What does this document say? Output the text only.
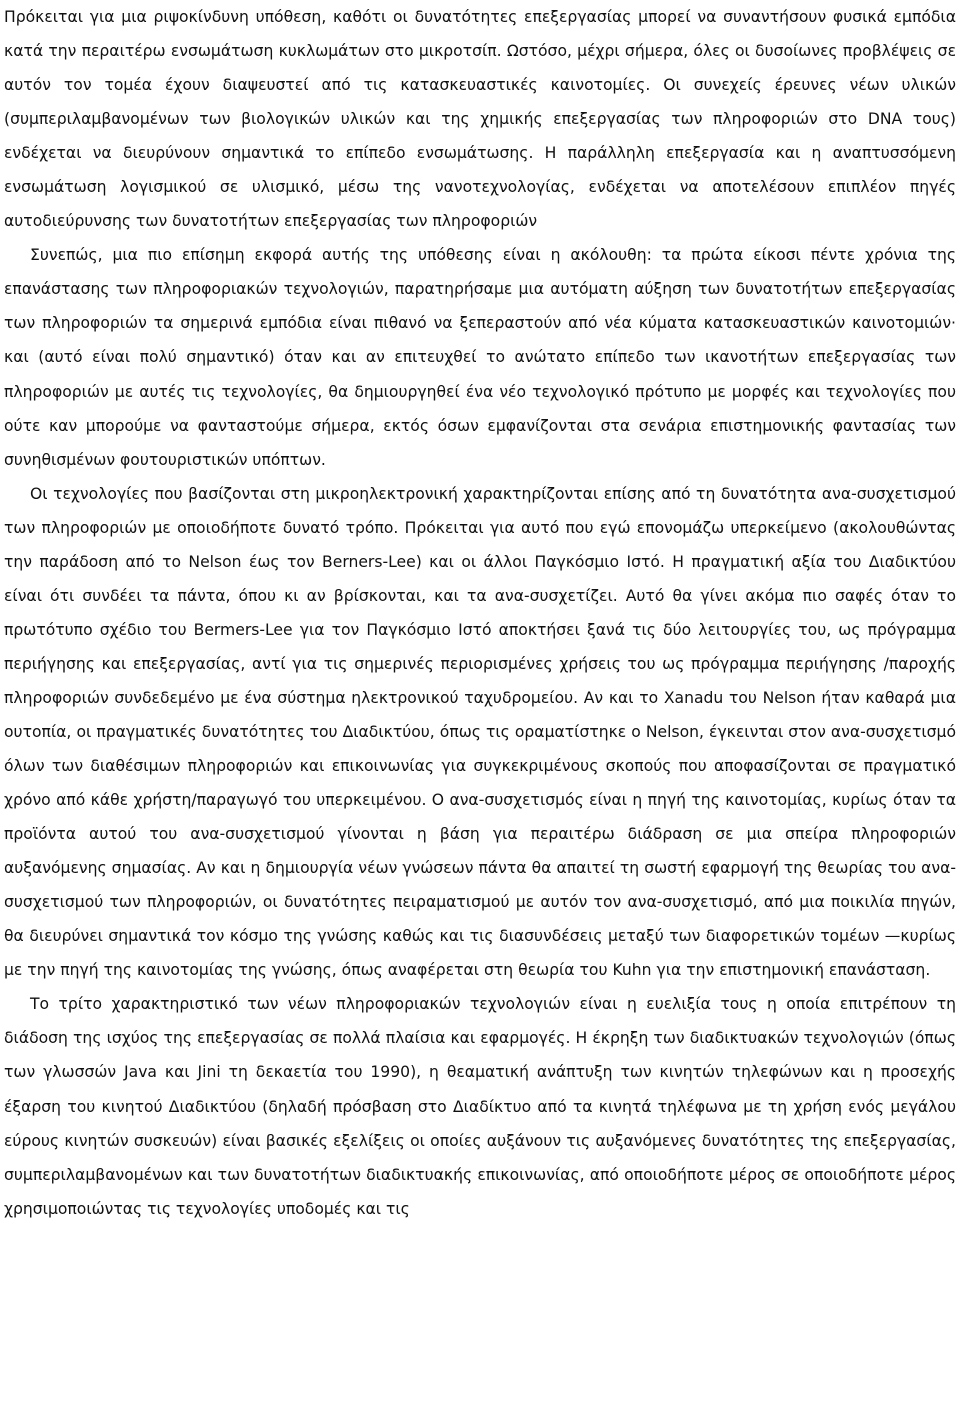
Πρόκειται για μια ριψοκίνδυνη υπόθεση, καθότι οι δυνατότητες επεξεργασίας μπορεί να συναντήσουν φυσικά εμπόδια κατά την περαιτέρω ενσωμάτωση κυκλωμάτων στο μικροτσίπ. Ωστόσο, μέχρι σήμερα, όλες οι δυσοίωνες προβλέψεις σε αυτόν τον τομέα έχουν διαψευστεί από τις κατασκευαστικές καινοτομίες. Οι συνεχείς έρευνες νέων υλικών (συμπεριλαμβανομένων των βιολογικών υλικών και της χημικής επεξεργασίας των πληροφοριών στο DNA τους) ενδέχεται να διευρύνουν σημαντικά το επίπεδο ενσωμάτωσης. Η παράλληλη επεξεργασία και η αναπτυσσόμενη ενσωμάτωση λογισμικού σε υλισμικό, μέσω της νανοτεχνολογίας, ενδέχεται να αποτελέσουν επιπλέον πηγές αυτοδιεύρυνσης των δυνατοτήτων επεξεργασίας των πληροφοριών

Συνεπώς, μια πιο επίσημη εκφορά αυτής της υπόθεσης είναι η ακόλουθη: τα πρώτα είκοσι πέντε χρόνια της επανάστασης των πληροφοριακών τεχνολογιών, παρατηρήσαμε μια αυτόματη αύξηση των δυνατοτήτων επεξεργασίας των πληροφοριών τα σημερινά εμπόδια είναι πιθανό να ξεπεραστούν από νέα κύματα κατασκευαστικών καινοτομιών· και (αυτό είναι πολύ σημαντικό) όταν και αν επιτευχθεί το ανώτατο επίπεδο των ικανοτήτων επεξεργασίας των πληροφοριών με αυτές τις τεχνολογίες, θα δημιουργηθεί ένα νέο τεχνολογικό πρότυπο με μορφές και τεχνολογίες που ούτε καν μπορούμε να φανταστούμε σήμερα, εκτός όσων εμφανίζονται στα σενάρια επιστημονικής φαντασίας των συνηθισμένων φουτουριστικών υπόπτων.

Οι τεχνολογίες που βασίζονται στη μικροηλεκτρονική χαρακτηρίζονται επίσης από τη δυνατότητα ανα-συσχετισμού των πληροφοριών με οποιοδήποτε δυνατό τρόπο. Πρόκειται για αυτό που εγώ επονομάζω υπερκείμενο (ακολουθώντας την παράδοση από το Nelson έως τον Berners-Lee) και οι άλλοι Παγκόσμιο Ιστό. Η πραγματική αξία του Διαδικτύου είναι ότι συνδέει τα πάντα, όπου κι αν βρίσκονται, και τα ανα-συσχετίζει. Αυτό θα γίνει ακόμα πιο σαφές όταν το πρωτότυπο σχέδιο του Bermers-Lee για τον Παγκόσμιο Ιστό αποκτήσει ξανά τις δύο λειτουργίες του, ως πρόγραμμα περιήγησης και επεξεργασίας, αντί για τις σημερινές περιορισμένες χρήσεις του ως πρόγραμμα περιήγησης /παροχής πληροφοριών συνδεδεμένο με ένα σύστημα ηλεκτρονικού ταχυδρομείου. Αν και το Xanadu του Nelson ήταν καθαρά μια ουτοπία, οι πραγματικές δυνατότητες του Διαδικτύου, όπως τις οραματίστηκε ο Nelson, έγκεινται στον ανα-συσχετισμό όλων των διαθέσιμων πληροφοριών και επικοινωνίας για συγκεκριμένους σκοπούς που αποφασίζονται σε πραγματικό χρόνο από κάθε χρήστη/παραγωγό του υπερκειμένου. Ο ανα-συσχετισμός είναι η πηγή της καινοτομίας, κυρίως όταν τα προϊόντα αυτού του ανα-συσχετισμού γίνονται η βάση για περαιτέρω διάδραση σε μια σπείρα πληροφοριών αυξανόμενης σημασίας. Αν και η δημιουργία νέων γνώσεων πάντα θα απαιτεί τη σωστή εφαρμογή της θεωρίας του ανα-συσχετισμού των πληροφοριών, οι δυνατότητες πειραματισμού με αυτόν τον ανα-συσχετισμό, από μια ποικιλία πηγών, θα διευρύνει σημαντικά τον κόσμο της γνώσης καθώς και τις διασυνδέσεις μεταξύ των διαφορετικών τομέων —κυρίως με την πηγή της καινοτομίας της γνώσης, όπως αναφέρεται στη θεωρία του Kuhn για την επιστημονική επανάσταση.

Το τρίτο χαρακτηριστικό των νέων πληροφοριακών τεχνολογιών είναι η ευελιξία τους η οποία επιτρέπουν τη διάδοση της ισχύος της επεξεργασίας σε πολλά πλαίσια και εφαρμογές. Η έκρηξη των διαδικτυακών τεχνολογιών (όπως των γλωσσών Java και Jini τη δεκαετία του 1990), η θεαματική ανάπτυξη των κινητών τηλεφώνων και η προσεχής έξαρση του κινητού Διαδικτύου (δηλαδή πρόσβαση στο Διαδίκτυο από τα κινητά τηλέφωνα με τη χρήση ενός μεγάλου εύρους κινητών συσκευών) είναι βασικές εξελίξεις οι οποίες αυξάνουν τις αυξανόμενες δυνατότητες της επεξεργασίας, συμπεριλαμβανομένων και των δυνατοτήτων διαδικτυακής επικοινωνίας, από οποιοδήποτε μέρος σε οποιοδήποτε μέρος χρησιμοποιώντας τις τεχνολογίες υποδομές και τις
